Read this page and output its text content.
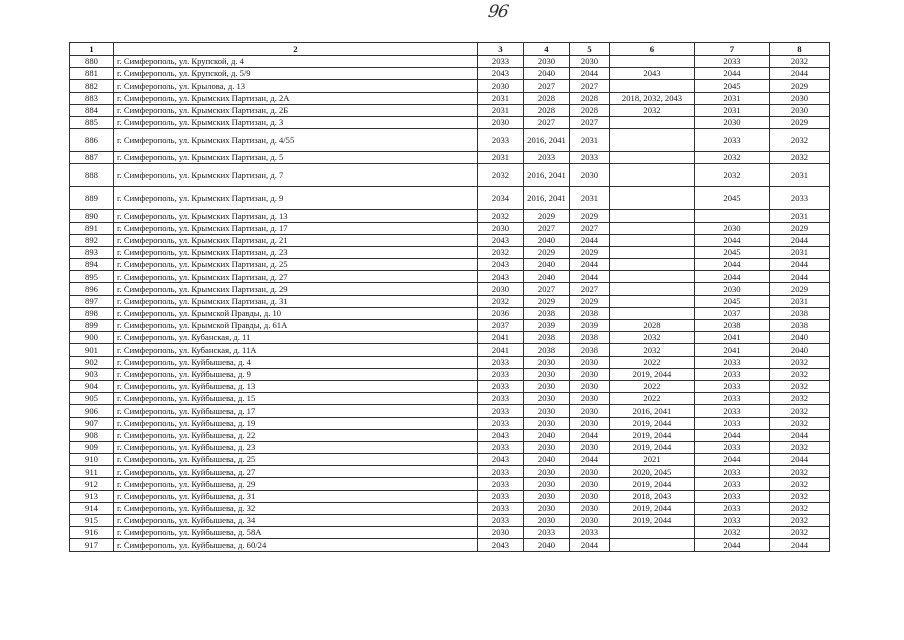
96
1	2	3	4	5	6	7	8
880	г. Симферополь, ул. Крупской, д. 4	2033	2030	2030		2033	2032
881	г. Симферополь, ул. Крупской, д. 5/9	2043	2040	2044	2043	2044	2044
882	г. Симферополь, ул. Крылова, д. 13	2030	2027	2027		2045	2029
883	г. Симферополь, ул. Крымских Партизан, д. 2А	2031	2028	2028	2018, 2032, 2043	2031	2030
884	г. Симферополь, ул. Крымских Партизан, д. 2Б	2031	2028	2028	2032	2031	2030
885	г. Симферополь, ул. Крымских Партизан, д. 3	2030	2027	2027		2030	2029
886	г. Симферополь, ул. Крымских Партизан, д. 4/55	2033	2016, 2041	2031		2033	2032
887	г. Симферополь, ул. Крымских Партизан, д. 5	2031	2033	2033		2032	2032
888	г. Симферополь, ул. Крымских Партизан, д. 7	2032	2016, 2041	2030		2032	2031
889	г. Симферополь, ул. Крымских Партизан, д. 9	2034	2016, 2041	2031		2045	2033
890	г. Симферополь, ул. Крымских Партизан, д. 13	2032	2029	2029			2031
891	г. Симферополь, ул. Крымских Партизан, д. 17	2030	2027	2027		2030	2029
892	г. Симферополь, ул. Крымских Партизан, д. 21	2043	2040	2044		2044	2044
893	г. Симферополь, ул. Крымских Партизан, д. 23	2032	2029	2029		2045	2031
894	г. Симферополь, ул. Крымских Партизан, д. 25	2043	2040	2044		2044	2044
895	г. Симферополь, ул. Крымских Партизан, д. 27	2043	2040	2044		2044	2044
896	г. Симферополь, ул. Крымских Партизан, д. 29	2030	2027	2027		2030	2029
897	г. Симферополь, ул. Крымских Партизан, д. 31	2032	2029	2029		2045	2031
898	г. Симферополь, ул. Крымской Правды, д. 10	2036	2038	2038		2037	2038
899	г. Симферополь, ул. Крымской Правды, д. 61А	2037	2039	2039	2028	2038	2038
900	г. Симферополь, ул. Кубанская, д. 11	2041	2038	2038	2032	2041	2040
901	г. Симферополь, ул. Кубанская, д. 11А	2041	2038	2038	2032	2041	2040
902	г. Симферополь, ул. Куйбышева, д. 4	2033	2030	2030	2022	2033	2032
903	г. Симферополь, ул. Куйбышева, д. 9	2033	2030	2030	2019, 2044	2033	2032
904	г. Симферополь, ул. Куйбышева, д. 13	2033	2030	2030	2022	2033	2032
905	г. Симферополь, ул. Куйбышева, д. 15	2033	2030	2030	2022	2033	2032
906	г. Симферополь, ул. Куйбышева, д. 17	2033	2030	2030	2016, 2041	2033	2032
907	г. Симферополь, ул. Куйбышева, д. 19	2033	2030	2030	2019, 2044	2033	2032
908	г. Симферополь, ул. Куйбышева, д. 22	2043	2040	2044	2019, 2044	2044	2044
909	г. Симферополь, ул. Куйбышева, д. 23	2033	2030	2030	2019, 2044	2033	2032
910	г. Симферополь, ул. Куйбышева, д. 25	2043	2040	2044	2021	2044	2044
911	г. Симферополь, ул. Куйбышева, д. 27	2033	2030	2030	2020, 2045	2033	2032
912	г. Симферополь, ул. Куйбышева, д. 29	2033	2030	2030	2019, 2044	2033	2032
913	г. Симферополь, ул. Куйбышева, д. 31	2033	2030	2030	2018, 2043	2033	2032
914	г. Симферополь, ул. Куйбышева, д. 32	2033	2030	2030	2019, 2044	2033	2032
915	г. Симферополь, ул. Куйбышева, д. 34	2033	2030	2030	2019, 2044	2033	2032
916	г. Симферополь, ул. Куйбышева, д. 58А	2030	2033	2033		2032	2032
917	г. Симферополь, ул. Куйбышева, д. 60/24	2043	2040	2044		2044	2044
